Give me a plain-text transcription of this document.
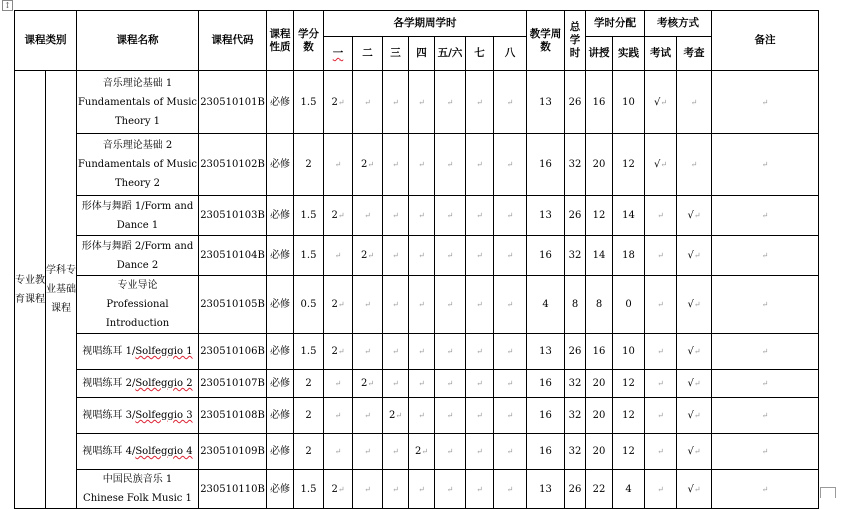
↕
课程类别		课程名称	课程代码	课程性质	学分数	各学期周学时							教学周数	总学时	学时分配		考核方式		备注
						一	二	三	四	五/六	七	八			讲授	实践	考试	考查	
专业教育课程	学科专业基础课程	音乐理论基础 1
Fundamentals of Music Theory 1	230510101B	必修	1.5	2↵	↵	↵	↵	↵	↵	↵	13	26	16	10	√↵	↵	↵
		音乐理论基础 2
Fundamentals of Music Theory 2	230510102B	必修	2	↵	2↵	↵	↵	↵	↵	↵	16	32	20	12	√↵	↵	↵
		形体与舞蹈 1/Form and
Dance 1	230510103B	必修	1.5	2↵	↵	↵	↵	↵	↵	↵	13	26	12	14	↵	√↵	↵
		形体与舞蹈 2/Form and
Dance 2	230510104B	必修	1.5	↵	2↵	↵	↵	↵	↵	↵	16	32	14	18	↵	√↵	↵
		专业导论
Professional Introduction	230510105B	必修	0.5	2↵	↵	↵	↵	↵	↵	↵	4	8	8	0	↵	√↵	↵
		视唱练耳 1/Solfeggio 1	230510106B	必修	1.5	2↵	↵	↵	↵	↵	↵	↵	13	26	16	10	↵	√↵	↵
		视唱练耳 2/Solfeggio 2	230510107B	必修	2	↵	2↵	↵	↵	↵	↵	↵	16	32	20	12	↵	√↵	↵
		视唱练耳 3/Solfeggio 3	230510108B	必修	2	↵	↵	2↵	↵	↵	↵	↵	16	32	20	12	↵	√↵	↵
		视唱练耳 4/Solfeggio 4	230510109B	必修	2	↵	↵	↵	2↵	↵	↵	↵	16	32	20	12	↵	√↵	↵
		中国民族音乐 1
Chinese Folk Music 1	230510110B	必修	1.5	2↵	↵	↵	↵	↵	↵	↵	13	26	22	4	↵	√↵	↵
